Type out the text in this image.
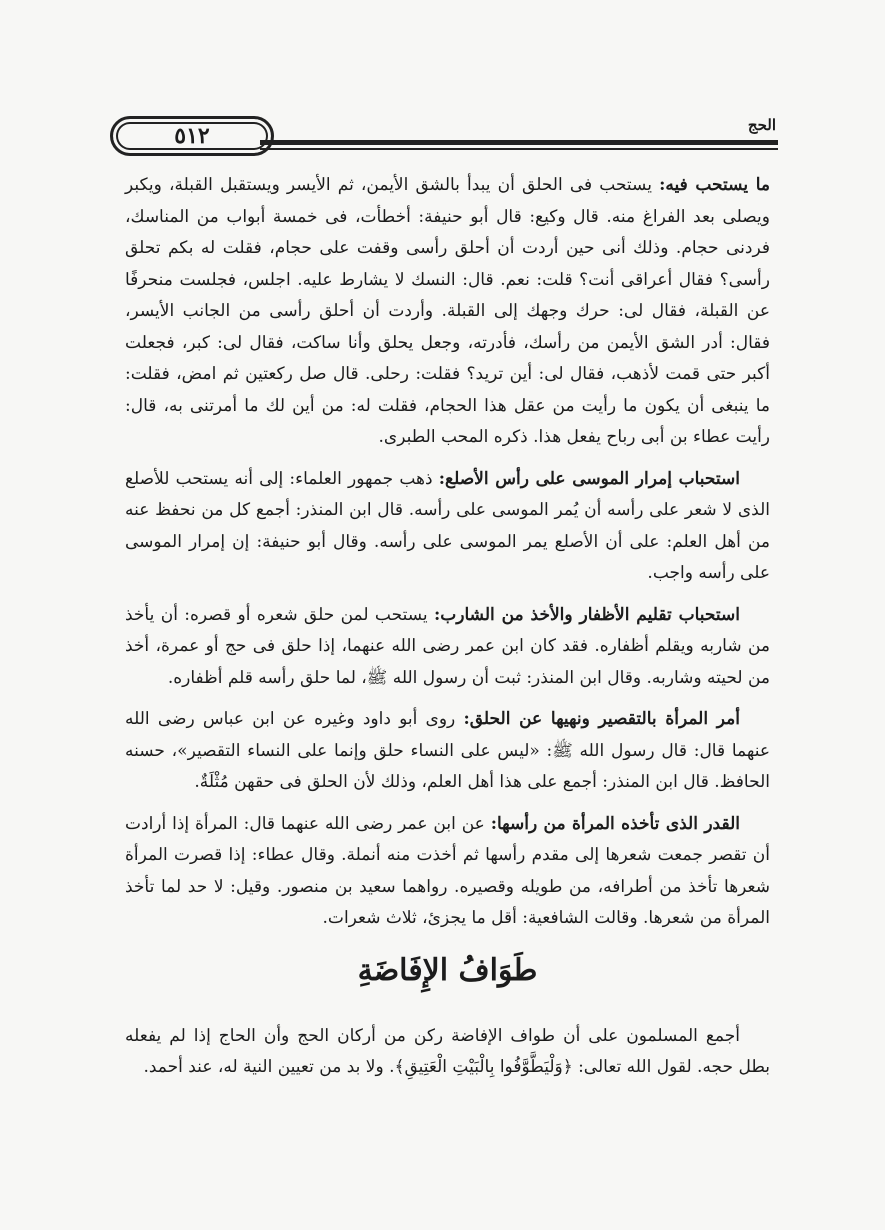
٥١٢	الحج

ما يستحب فيه: يستحب فى الحلق أن يبدأ بالشق الأيمن، ثم الأيسر ويستقبل القبلة، ويكبر ويصلى بعد الفراغ منه. قال وكيع: قال أبو حنيفة: أخطأت، فى خمسة أبواب من المناسك، فردنى حجام. وذلك أنى حين أردت أن أحلق رأسى وقفت على حجام، فقلت له بكم تحلق رأسى؟ فقال أعراقى أنت؟ قلت: نعم. قال: النسك لا يشارط عليه. اجلس، فجلست منحرفًا عن القبلة، فقال لى: حرك وجهك إلى القبلة. وأردت أن أحلق رأسى من الجانب الأيسر، فقال: أدر الشق الأيمن من رأسك، فأدرته، وجعل يحلق وأنا ساكت، فقال لى: كبر، فجعلت أكبر حتى قمت لأذهب، فقال لى: أين تريد؟ فقلت: رحلى. قال صل ركعتين ثم امض، فقلت: ما ينبغى أن يكون ما رأيت من عقل هذا الحجام، فقلت له: من أين لك ما أمرتنى به، قال: رأيت عطاء بن أبى رباح يفعل هذا. ذكره المحب الطبرى.

استحباب إمرار الموسى على رأس الأصلع: ذهب جمهور العلماء: إلى أنه يستحب للأصلع الذى لا شعر على رأسه أن يُمر الموسى على رأسه. قال ابن المنذر: أجمع كل من نحفظ عنه من أهل العلم: على أن الأصلع يمر الموسى على رأسه. وقال أبو حنيفة: إن إمرار الموسى على رأسه واجب.

استحباب تقليم الأظفار والأخذ من الشارب: يستحب لمن حلق شعره أو قصره: أن يأخذ من شاربه ويقلم أظفاره. فقد كان ابن عمر رضى الله عنهما، إذا حلق فى حج أو عمرة، أخذ من لحيته وشاربه. وقال ابن المنذر: ثبت أن رسول الله ﷺ، لما حلق رأسه قلم أظفاره.

أمر المرأة بالتقصير ونهيها عن الحلق: روى أبو داود وغيره عن ابن عباس رضى الله عنهما قال: قال رسول الله ﷺ: «ليس على النساء حلق وإنما على النساء التقصير»، حسنه الحافظ. قال ابن المنذر: أجمع على هذا أهل العلم، وذلك لأن الحلق فى حقهن مُثْلَةٌ.

القدر الذى تأخذه المرأة من رأسها: عن ابن عمر رضى الله عنهما قال: المرأة إذا أرادت أن تقصر جمعت شعرها إلى مقدم رأسها ثم أخذت منه أنملة. وقال عطاء: إذا قصرت المرأة شعرها تأخذ من أطرافه، من طويله وقصيره. رواهما سعيد بن منصور. وقيل: لا حد لما تأخذ المرأة من شعرها. وقالت الشافعية: أقل ما يجزئ، ثلاث شعرات.

طَوَافُ الإِفَاضَةِ

أجمع المسلمون على أن طواف الإفاضة ركن من أركان الحج وأن الحاج إذا لم يفعله بطل حجه. لقول الله تعالى: ﴿وَلْيَطَّوَّفُوا بِالْبَيْتِ الْعَتِيقِ﴾. ولا بد من تعيين النية له، عند أحمد.
